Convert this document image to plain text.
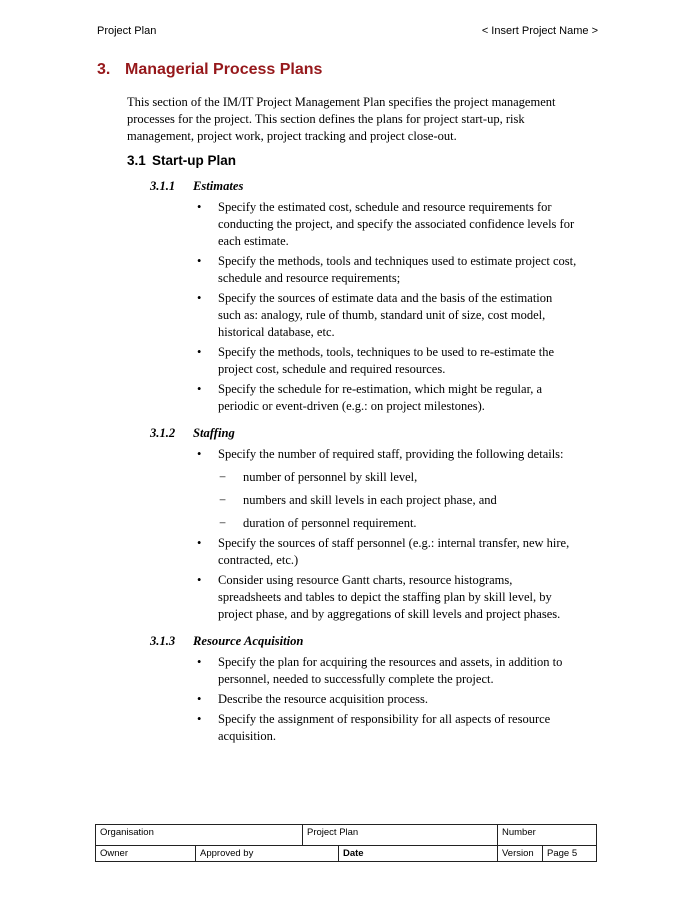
Project Plan	< Insert Project Name >
3. Managerial Process Plans

This section of the IM/IT Project Management Plan specifies the project management processes for the project. This section defines the plans for project start-up, risk management, project work, project tracking and project close-out.

3.1 Start-up Plan
3.1.1	Estimates
• Specify the estimated cost, schedule and resource requirements for conducting the project, and specify the associated confidence levels for each estimate.
• Specify the methods, tools and techniques used to estimate project cost, schedule and resource requirements;
• Specify the sources of estimate data and the basis of the estimation such as: analogy, rule of thumb, standard unit of size, cost model, historical database, etc.
• Specify the methods, tools, techniques to be used to re-estimate the project cost, schedule and required resources.
• Specify the schedule for re-estimation, which might be regular, a periodic or event-driven (e.g.: on project milestones).
3.1.2	Staffing
• Specify the number of required staff, providing the following details:
− number of personnel by skill level,
− numbers and skill levels in each project phase, and
− duration of personnel requirement.
• Specify the sources of staff personnel (e.g.: internal transfer, new hire, contracted, etc.)
• Consider using resource Gantt charts, resource histograms, spreadsheets and tables to depict the staffing plan by skill level, by project phase, and by aggregations of skill levels and project phases.
3.1.3	Resource Acquisition
• Specify the plan for acquiring the resources and assets, in addition to personnel, needed to successfully complete the project.
• Describe the resource acquisition process.
• Specify the assignment of responsibility for all aspects of resource acquisition.
Organisation	Project Plan	Number
Owner	Approved by	Date	Version	Page 5
